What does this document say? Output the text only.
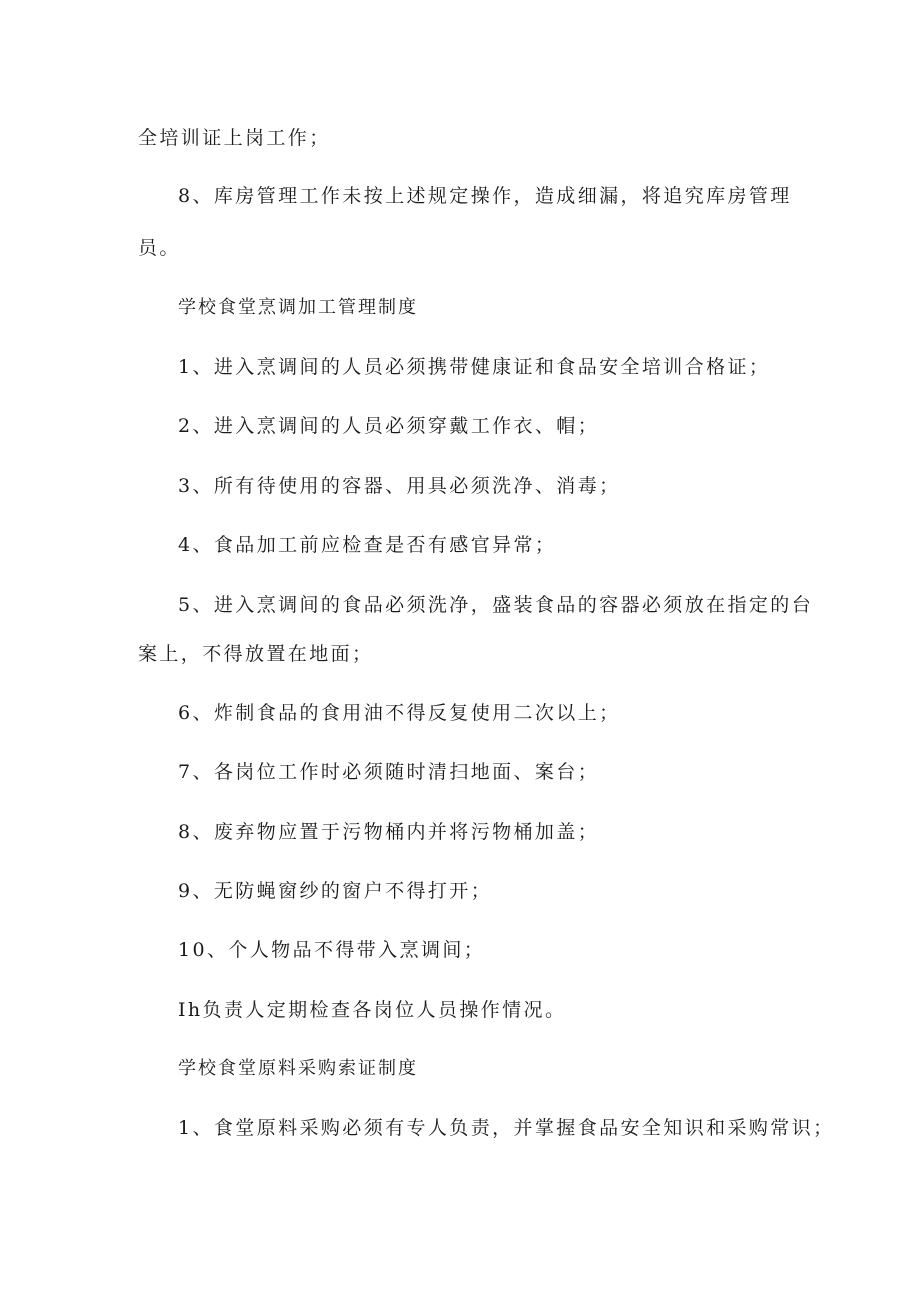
全培训证上岗工作；
8、库房管理工作未按上述规定操作，造成细漏，将追究库房管理
员。
学校食堂烹调加工管理制度
1、进入烹调间的人员必须携带健康证和食品安全培训合格证；
2、进入烹调间的人员必须穿戴工作衣、帽；
3、所有待使用的容器、用具必须洗净、消毒；
4、食品加工前应检查是否有感官异常；
5、进入烹调间的食品必须洗净，盛装食品的容器必须放在指定的台
案上，不得放置在地面；
6、炸制食品的食用油不得反复使用二次以上；
7、各岗位工作时必须随时清扫地面、案台；
8、废弃物应置于污物桶内并将污物桶加盖；
9、无防蝇窗纱的窗户不得打开；
10、个人物品不得带入烹调间；
Ih负责人定期检查各岗位人员操作情况。
学校食堂原料采购索证制度
1、食堂原料采购必须有专人负责，并掌握食品安全知识和采购常识；
